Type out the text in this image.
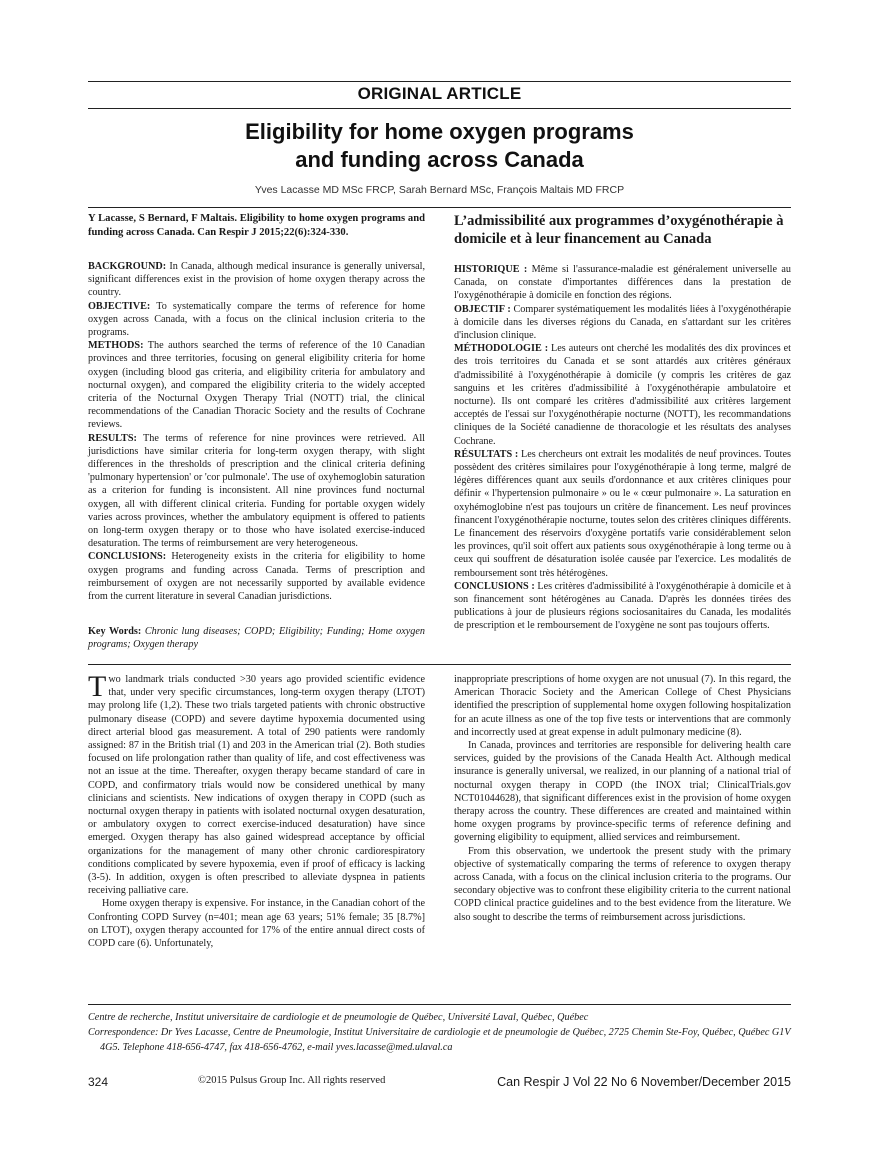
ORIGINAL ARTICLE
Eligibility for home oxygen programs
and funding across Canada
Yves Lacasse MD MSc FRCP, Sarah Bernard MSc, François Maltais MD FRCP
Y Lacasse, S Bernard, F Maltais. Eligibility to home oxygen programs and funding across Canada. Can Respir J 2015;22(6):324-330.

BACKGROUND: In Canada, although medical insurance is generally universal, significant differences exist in the provision of home oxygen therapy across the country.

OBJECTIVE: To systematically compare the terms of reference for home oxygen across Canada, with a focus on the clinical inclusion criteria to the programs.

METHODS: The authors searched the terms of reference of the 10 Canadian provinces and three territories, focusing on general eligibility criteria for home oxygen (including blood gas criteria, and eligibility criteria for ambulatory and nocturnal oxygen), and compared the eligibility criteria to the widely accepted criteria of the Nocturnal Oxygen Therapy Trial (NOTT) trial, the clinical recommendations of the Canadian Thoracic Society and the results of Cochrane reviews.

RESULTS: The terms of reference for nine provinces were retrieved. All jurisdictions have similar criteria for long-term oxygen therapy, with slight differences in the thresholds of prescription and the clinical criteria defining 'pulmonary hypertension' or 'cor pulmonale'. The use of oxyhemoglobin saturation as a criterion for funding is inconsistent. All nine provinces fund nocturnal oxygen, all with different clinical criteria. Funding for portable oxygen widely varies across provinces, whether the ambulatory equipment is offered to patients on long-term oxygen therapy or to those who have isolated exercise-induced desaturation. The terms of reimbursement are very heterogeneous.

CONCLUSIONS: Heterogeneity exists in the criteria for eligibility to home oxygen programs and funding across Canada. Terms of prescription and reimbursement of oxygen are not necessarily supported by available evidence from the current literature in several Canadian jurisdictions.

Key Words: Chronic lung diseases; COPD; Eligibility; Funding; Home oxygen programs; Oxygen therapy
L’admissibilité aux programmes d’oxygénothérapie à domicile et à leur financement au Canada

HISTORIQUE : Même si l'assurance-maladie est généralement universelle au Canada, on constate d'importantes différences dans la prestation de l'oxygénothérapie à domicile en fonction des régions.

OBJECTIF : Comparer systématiquement les modalités liées à l'oxygénothérapie à domicile dans les diverses régions du Canada, en s'attardant sur les critères d'inclusion clinique.

MÉTHODOLOGIE : Les auteurs ont cherché les modalités des dix provinces et des trois territoires du Canada et se sont attardés aux critères généraux d'admissibilité à l'oxygénothérapie à domicile (y compris les critères de gaz sanguins et les critères d'admissibilité à l'oxygénothérapie ambulatoire et nocturne). Ils ont comparé les critères d'admissibilité aux critères largement acceptés de l'essai sur l'oxygénothérapie nocturne (NOTT), les recommandations cliniques de la Société canadienne de thoracologie et les résultats des analyses Cochrane.

RÉSULTATS : Les chercheurs ont extrait les modalités de neuf provinces. Toutes possèdent des critères similaires pour l'oxygénothérapie à long terme, malgré de légères différences quant aux seuils d'ordonnance et aux critères cliniques pour définir « l'hypertension pulmonaire » ou le « cœur pulmonaire ». La saturation en oxyhémoglobine n'est pas toujours un critère de financement. Les neuf provinces financent l'oxygénothérapie nocturne, toutes selon des critères cliniques différents. Le financement des réservoirs d'oxygène portatifs varie considérablement selon les provinces, qu'il soit offert aux patients sous oxygénothérapie à long terme ou à ceux qui souffrent de désaturation isolée causée par l'exercice. Les modalités de remboursement sont très hétérogènes.

CONCLUSIONS : Les critères d'admissibilité à l'oxygénothérapie à domicile et à son financement sont hétérogènes au Canada. D'après les données tirées des publications à jour de plusieurs régions sociosanitaires du Canada, les modalités de prescription et le remboursement de l'oxygène ne sont pas toujours offerts.

Two landmark trials conducted >30 years ago provided scientific evidence that, under very specific circumstances, long-term oxygen therapy (LTOT) may prolong life (1,2). These two trials targeted patients with chronic obstructive pulmonary disease (COPD) and severe daytime hypoxemia documented using direct arterial blood gas measurement. A total of 290 patients were randomly assigned: 87 in the British trial (1) and 203 in the American trial (2). Both studies focused on life prolongation rather than quality of life, and cost effectiveness was not an issue at the time. Thereafter, oxygen therapy became standard of care in COPD, and confirmatory trials would now be considered unethical by many clinicians and scientists. New indications of oxygen therapy in COPD (such as nocturnal oxygen therapy in patients with isolated nocturnal oxygen desaturation, or ambulatory oxygen to correct exercise-induced desaturation) have since emerged. Oxygen therapy has also gained widespread acceptance by official organizations for the management of many other chronic cardiorespiratory conditions complicated by severe hypoxemia, even if proof of efficacy is lacking (3-5). In addition, oxygen is often prescribed to alleviate dyspnea in patients receiving palliative care.

Home oxygen therapy is expensive. For instance, in the Canadian cohort of the Confronting COPD Survey (n=401; mean age 63 years; 51% female; 35 [8.7%] on LTOT), oxygen therapy accounted for 17% of the entire annual direct costs of COPD care (6). Unfortunately,

inappropriate prescriptions of home oxygen are not unusual (7). In this regard, the American Thoracic Society and the American College of Chest Physicians identified the prescription of supplemental home oxygen following hospitalization for an acute illness as one of the top five tests or interventions that are commonly and incorrectly used at great expense in adult pulmonary medicine (8).

In Canada, provinces and territories are responsible for delivering health care services, guided by the provisions of the Canada Health Act. Although medical insurance is generally universal, we realized, in our planning of a national trial of nocturnal oxygen therapy in COPD (the INOX trial; ClinicalTrials.gov NCT01044628), that significant differences exist in the provision of home oxygen therapy across the country. These differences are created and maintained within home oxygen programs by province-specific terms of reference defining and governing eligibility to equipment, allied services and reimbursement.

From this observation, we undertook the present study with the primary objective of systematically comparing the terms of reference to oxygen therapy across Canada, with a focus on the clinical inclusion criteria to the programs. Our secondary objective was to confront these eligibility criteria to the current national COPD clinical practice guidelines and to the best evidence from the literature. We also sought to describe the terms of reimbursement across jurisdictions.

Centre de recherche, Institut universitaire de cardiologie et de pneumologie de Québec, Université Laval, Québec, Québec

Correspondence: Dr Yves Lacasse, Centre de Pneumologie, Institut Universitaire de cardiologie et de pneumologie de Québec, 2725 Chemin Ste-Foy, Québec, Québec G1V 4G5. Telephone 418-656-4747, fax 418-656-4762, e-mail yves.lacasse@med.ulaval.ca

324	©2015 Pulsus Group Inc. All rights reserved	Can Respir J Vol 22 No 6 November/December 2015
